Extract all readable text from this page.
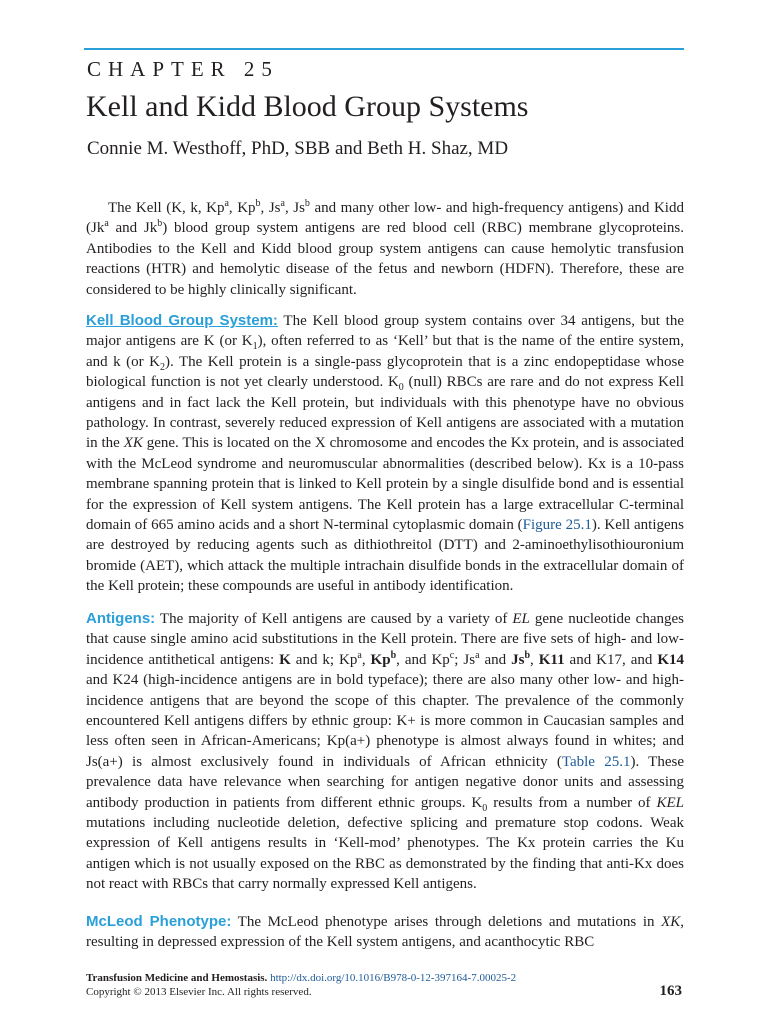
CHAPTER 25
Kell and Kidd Blood Group Systems
Connie M. Westhoff, PhD, SBB and Beth H. Shaz, MD
The Kell (K, k, Kp$^a$, Kp$^b$, Js$^a$, Js$^b$ and many other low- and high-frequency antigens) and Kidd (Jk$^a$ and Jk$^b$) blood group system antigens are red blood cell (RBC) membrane glycoproteins. Antibodies to the Kell and Kidd blood group system antigens can cause hemolytic transfusion reactions (HTR) and hemolytic disease of the fetus and newborn (HDFN). Therefore, these are considered to be highly clinically significant.
Kell Blood Group System: The Kell blood group system contains over 34 antigens, but the major antigens are K (or $K_1$), often referred to as ‘Kell’ but that is the name of the entire system, and k (or $K_2$). The Kell protein is a single-pass glycoprotein that is a zinc endopeptidase whose biological function is not yet clearly understood. $K_0$ (null) RBCs are rare and do not express Kell antigens and in fact lack the Kell protein, but individuals with this phenotype have no obvious pathology. In contrast, severely reduced expression of Kell antigens are associated with a mutation in the XK gene. This is located on the X chromosome and encodes the Kx protein, and is associated with the McLeod syndrome and neuromuscular abnormalities (described below). Kx is a 10-pass membrane spanning protein that is linked to Kell protein by a single disulfide bond and is essential for the expression of Kell system antigens. The Kell protein has a large extracellular C-terminal domain of 665 amino acids and a short N-terminal cytoplasmic domain (Figure 25.1). Kell antigens are destroyed by reducing agents such as dithiothreitol (DTT) and 2-aminoethylisothiouronium bromide (AET), which attack the multiple intrachain disulfide bonds in the extracellular domain of the Kell protein; these compounds are useful in antibody identification.
Antigens: The majority of Kell antigens are caused by a variety of EL gene nucleotide changes that cause single amino acid substitutions in the Kell protein. There are five sets of high- and low-incidence antithetical antigens: K and k; Kp$^a$, Kp$^b$, and Kp$^c$; Js$^a$ and Js$^b$, K11 and K17, and K14 and K24 (high-incidence antigens are in bold typeface); there are also many other low- and high-incidence antigens that are beyond the scope of this chapter. The prevalence of the commonly encountered Kell antigens differs by ethnic group: K+ is more common in Caucasian samples and less often seen in African-Americans; Kp(a+) phenotype is almost always found in whites; and Js(a+) is almost exclusively found in individuals of African ethnicity (Table 25.1). These prevalence data have relevance when searching for antigen negative donor units and assessing antibody production in patients from different ethnic groups. $K_0$ results from a number of KEL mutations including nucleotide deletion, defective splicing and premature stop codons. Weak expression of Kell antigens results in ‘Kell-mod’ phenotypes. The Kx protein carries the Ku antigen which is not usually exposed on the RBC as demonstrated by the finding that anti-Kx does not react with RBCs that carry normally expressed Kell antigens.
McLeod Phenotype: The McLeod phenotype arises through deletions and mutations in XK, resulting in depressed expression of the Kell system antigens, and acanthocytic RBC
Transfusion Medicine and Hemostasis. http://dx.doi.org/10.1016/B978-0-12-397164-7.00025-2
Copyright © 2013 Elsevier Inc. All rights reserved.	163
